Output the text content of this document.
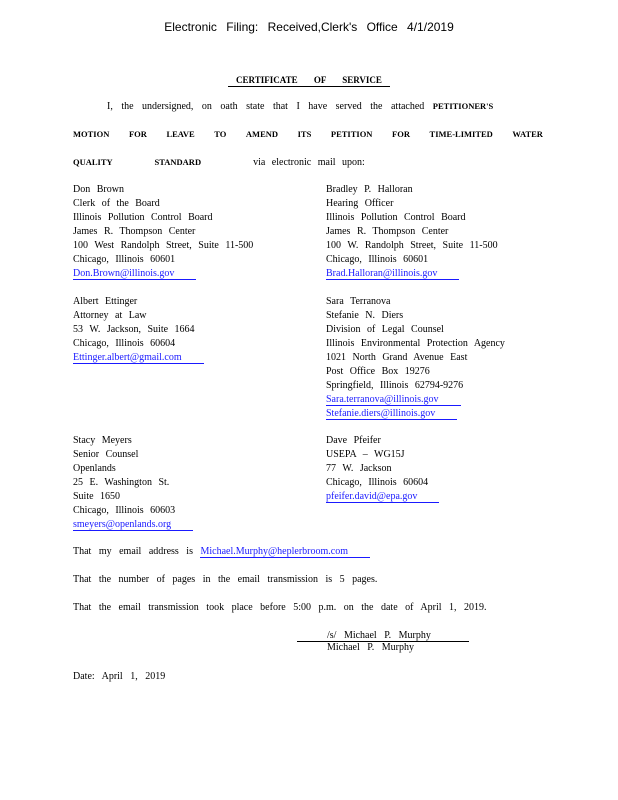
Electronic Filing: Received,Clerk's Office 4/1/2019
CERTIFICATE OF SERVICE
I, the undersigned, on oath state that I have served the attached PETITIONER'S
MOTION FOR LEAVE TO AMEND ITS PETITION FOR TIME-LIMITED WATER
QUALITY STANDARD	via electronic mail upon:
Don Brown
Clerk of the Board
Illinois Pollution Control Board
James R. Thompson Center
100 West Randolph Street, Suite 11-500
Chicago, Illinois 60601
Don.Brown@illinois.gov
Bradley P. Halloran
Hearing Officer
Illinois Pollution Control Board
James R. Thompson Center
100 W. Randolph Street, Suite 11-500
Chicago, Illinois 60601
Brad.Halloran@illinois.gov
Albert Ettinger
Attorney at Law
53 W. Jackson, Suite 1664
Chicago, Illinois 60604
Ettinger.albert@gmail.com
Sara Terranova
Stefanie N. Diers
Division of Legal Counsel
Illinois Environmental Protection Agency
1021 North Grand Avenue East
Post Office Box 19276
Springfield, Illinois 62794-9276
Sara.terranova@illinois.gov
Stefanie.diers@illinois.gov
Stacy Meyers
Senior Counsel
Openlands
25 E. Washington St.
Suite 1650
Chicago, Illinois 60603
smeyers@openlands.org
Dave Pfeifer
USEPA – WG15J
77 W. Jackson
Chicago, Illinois 60604
pfeifer.david@epa.gov
That my email address is Michael.Murphy@heplerbroom.com
That the number of pages in the email transmission is 5 pages.
That the email transmission took place before 5:00 p.m. on the date of April 1, 2019.
/s/ Michael P. Murphy
Michael P. Murphy
Date: April 1, 2019
